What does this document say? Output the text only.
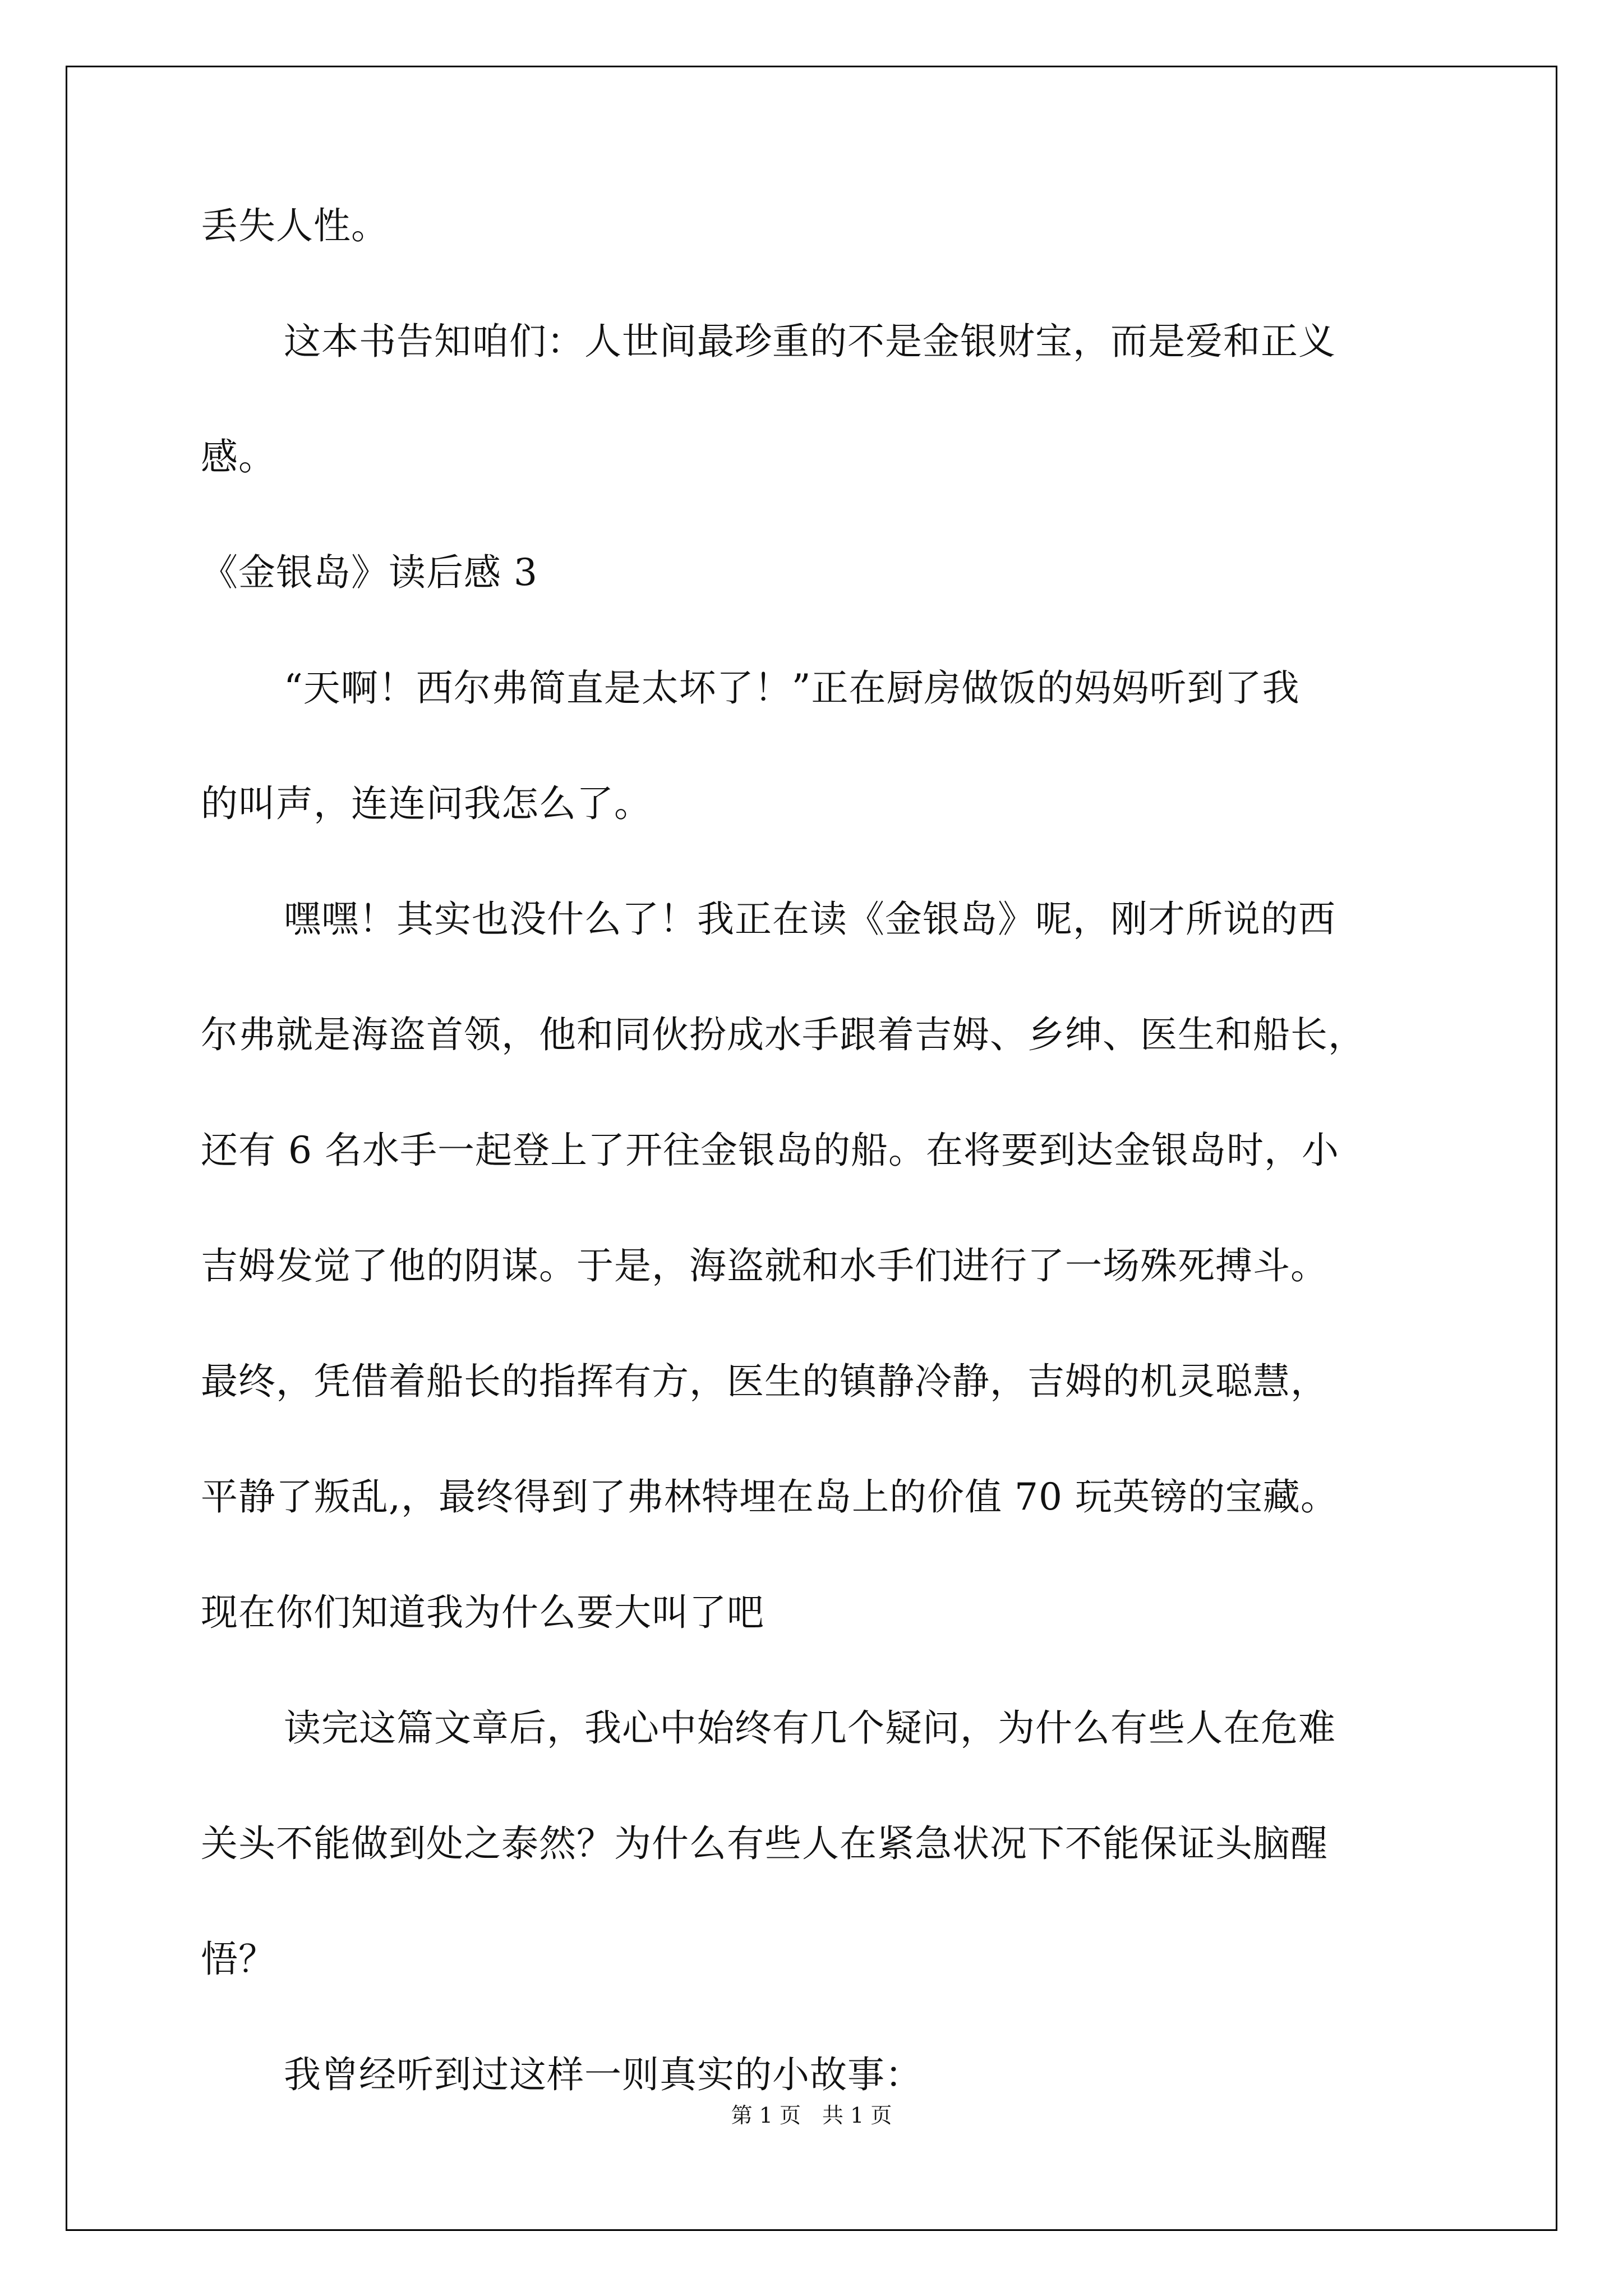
丢失人性。
这本书告知咱们：人世间最珍重的不是金银财宝，而是爱和正义
感。
《金银岛》读后感 3
“天啊！西尔弗简直是太坏了！”正在厨房做饭的妈妈听到了我
的叫声，连连问我怎么了。
嘿嘿！其实也没什么了！我正在读《金银岛》呢，刚才所说的西
尔弗就是海盗首领，他和同伙扮成水手跟着吉姆、乡绅、医生和船长，
还有 6 名水手一起登上了开往金银岛的船。在将要到达金银岛时，小
吉姆发觉了他的阴谋。于是，海盗就和水手们进行了一场殊死搏斗。
最终，凭借着船长的指挥有方，医生的镇静冷静，吉姆的机灵聪慧，
平静了叛乱,，最终得到了弗林特埋在岛上的价值 70 玩英镑的宝藏。
现在你们知道我为什么要大叫了吧
读完这篇文章后，我心中始终有几个疑问，为什么有些人在危难
关头不能做到处之泰然？为什么有些人在紧急状况下不能保证头脑醒
悟？
我曾经听到过这样一则真实的小故事：
第 1 页　共 1 页
